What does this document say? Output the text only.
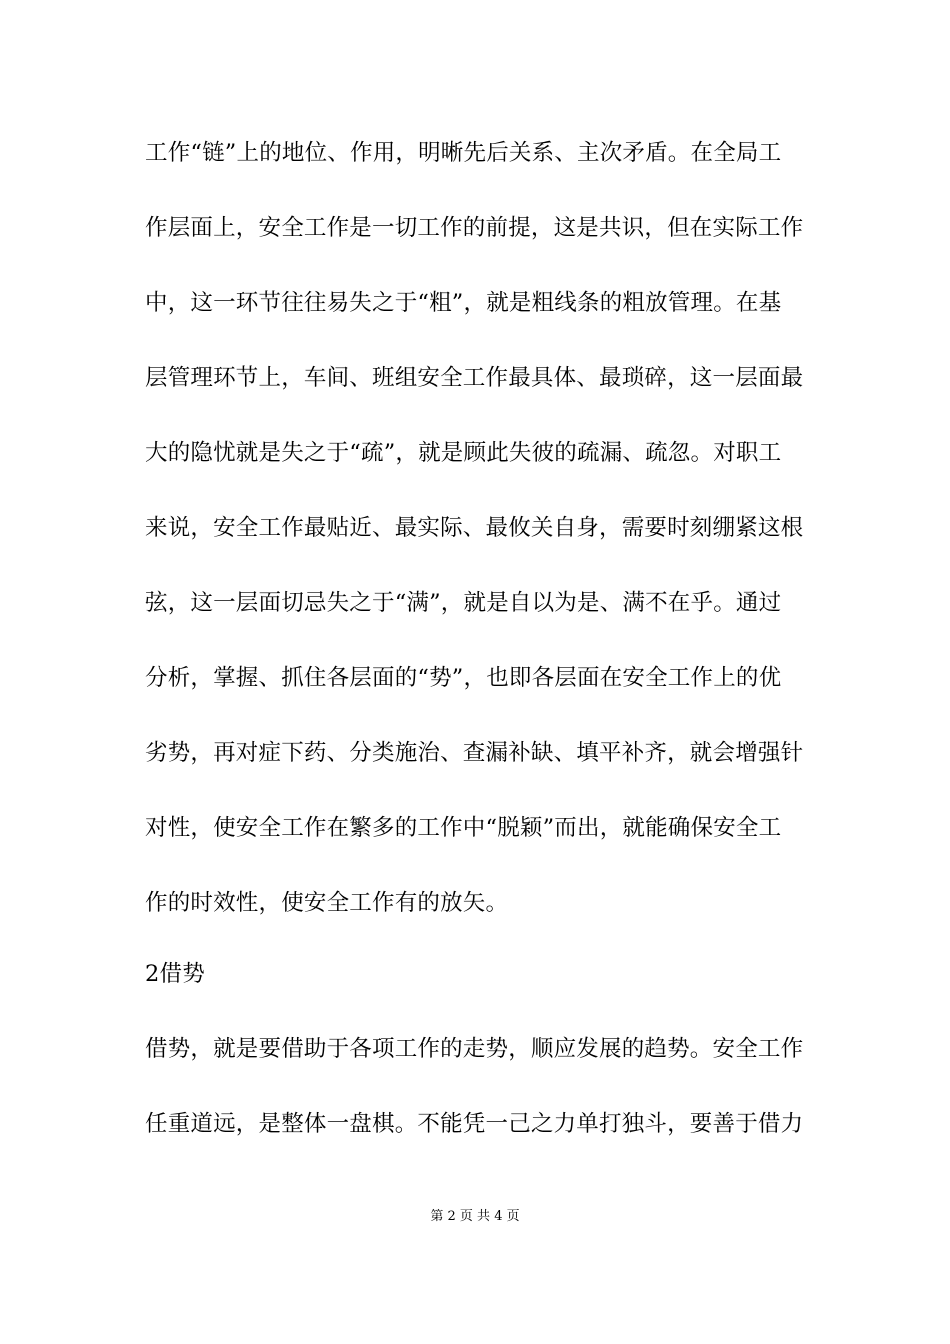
工作“链”上的地位、作用，明晰先后关系、主次矛盾。在全局工
作层面上，安全工作是一切工作的前提，这是共识，但在实际工作
中，这一环节往往易失之于“粗”，就是粗线条的粗放管理。在基
层管理环节上，车间、班组安全工作最具体、最琐碎，这一层面最
大的隐忧就是失之于“疏”，就是顾此失彼的疏漏、疏忽。对职工
来说，安全工作最贴近、最实际、最攸关自身，需要时刻绷紧这根
弦，这一层面切忌失之于“满”，就是自以为是、满不在乎。通过
分析，掌握、抓住各层面的“势”，也即各层面在安全工作上的优
劣势，再对症下药、分类施治、查漏补缺、填平补齐，就会增强针
对性，使安全工作在繁多的工作中“脱颖”而出，就能确保安全工
作的时效性，使安全工作有的放矢。
2借势
借势，就是要借助于各项工作的走势，顺应发展的趋势。安全工作
任重道远，是整体一盘棋。不能凭一己之力单打独斗，要善于借力
第 2 页 共 4 页
